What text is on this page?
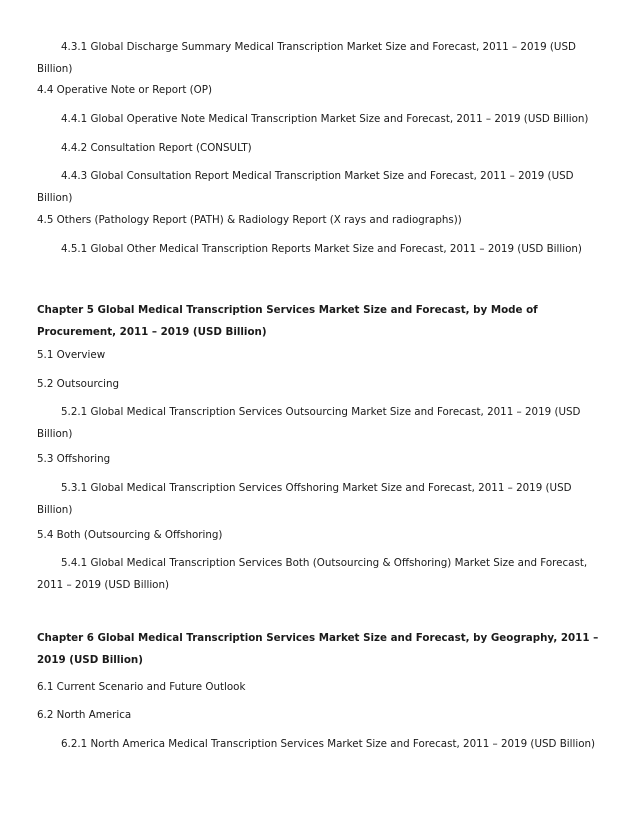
4.3.1 Global Discharge Summary Medical Transcription Market Size and Forecast, 2011 – 2019 (USD Billion)
4.4 Operative Note or Report (OP)
4.4.1 Global Operative Note Medical Transcription Market Size and Forecast, 2011 – 2019 (USD Billion)
4.4.2 Consultation Report (CONSULT)
4.4.3 Global Consultation Report Medical Transcription Market Size and Forecast, 2011 – 2019 (USD Billion)
4.5 Others (Pathology Report (PATH) & Radiology Report (X rays and radiographs))
4.5.1 Global Other Medical Transcription Reports Market Size and Forecast, 2011 – 2019 (USD Billion)
Chapter 5 Global Medical Transcription Services Market Size and Forecast, by Mode of Procurement, 2011 – 2019 (USD Billion)
5.1 Overview
5.2 Outsourcing
5.2.1 Global Medical Transcription Services Outsourcing Market Size and Forecast, 2011 – 2019 (USD Billion)
5.3 Offshoring
5.3.1 Global Medical Transcription Services Offshoring Market Size and Forecast, 2011 – 2019 (USD Billion)
5.4 Both (Outsourcing & Offshoring)
5.4.1 Global Medical Transcription Services Both (Outsourcing & Offshoring) Market Size and Forecast, 2011 – 2019 (USD Billion)
Chapter 6 Global Medical Transcription Services Market Size and Forecast, by Geography, 2011 – 2019 (USD Billion)
6.1 Current Scenario and Future Outlook
6.2 North America
6.2.1 North America Medical Transcription Services Market Size and Forecast, 2011 – 2019 (USD Billion)
